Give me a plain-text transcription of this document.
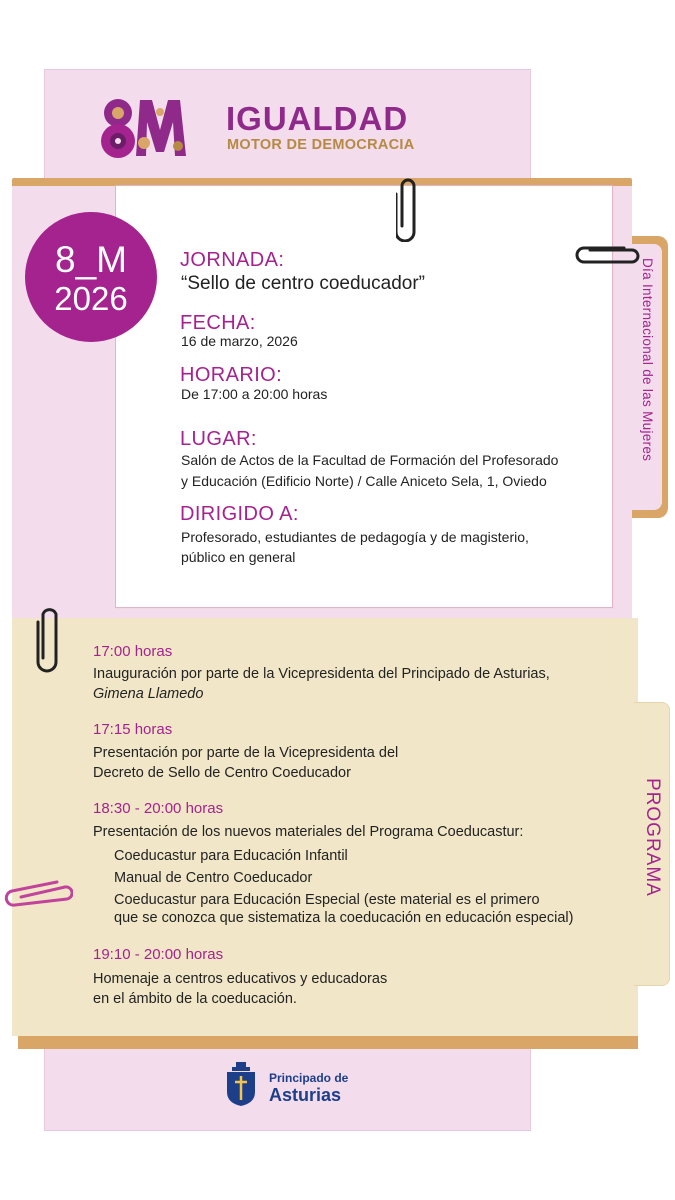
IGUALDAD
MOTOR DE DEMOCRACIA
8_M
2026
JORNADA:
“Sello de centro coeducador”
FECHA:
16 de marzo, 2026
HORARIO:
De 17:00 a 20:00 horas
LUGAR:
Salón de Actos de la Facultad de Formación del Profesorado
y Educación (Edificio Norte) / Calle Aniceto Sela, 1, Oviedo
DIRIGIDO A:
Profesorado, estudiantes de pedagogía y de magisterio,
público en general
Día Internacional de las Mujeres
PROGRAMA
17:00 horas
Inauguración por parte de la Vicepresidenta del Principado de Asturias,
Gimena Llamedo
17:15 horas
Presentación por parte de la Vicepresidenta del
Decreto de Sello de Centro Coeducador
18:30 - 20:00 horas
Presentación de los nuevos materiales del Programa Coeducastur:
Coeducastur para Educación Infantil
Manual de Centro Coeducador
Coeducastur para Educación Especial (este material es el primero
que se conozca que sistematiza la coeducación en educación especial)
19:10 - 20:00 horas
Homenaje a centros educativos y educadoras
en el ámbito de la coeducación.
Principado de
Asturias
